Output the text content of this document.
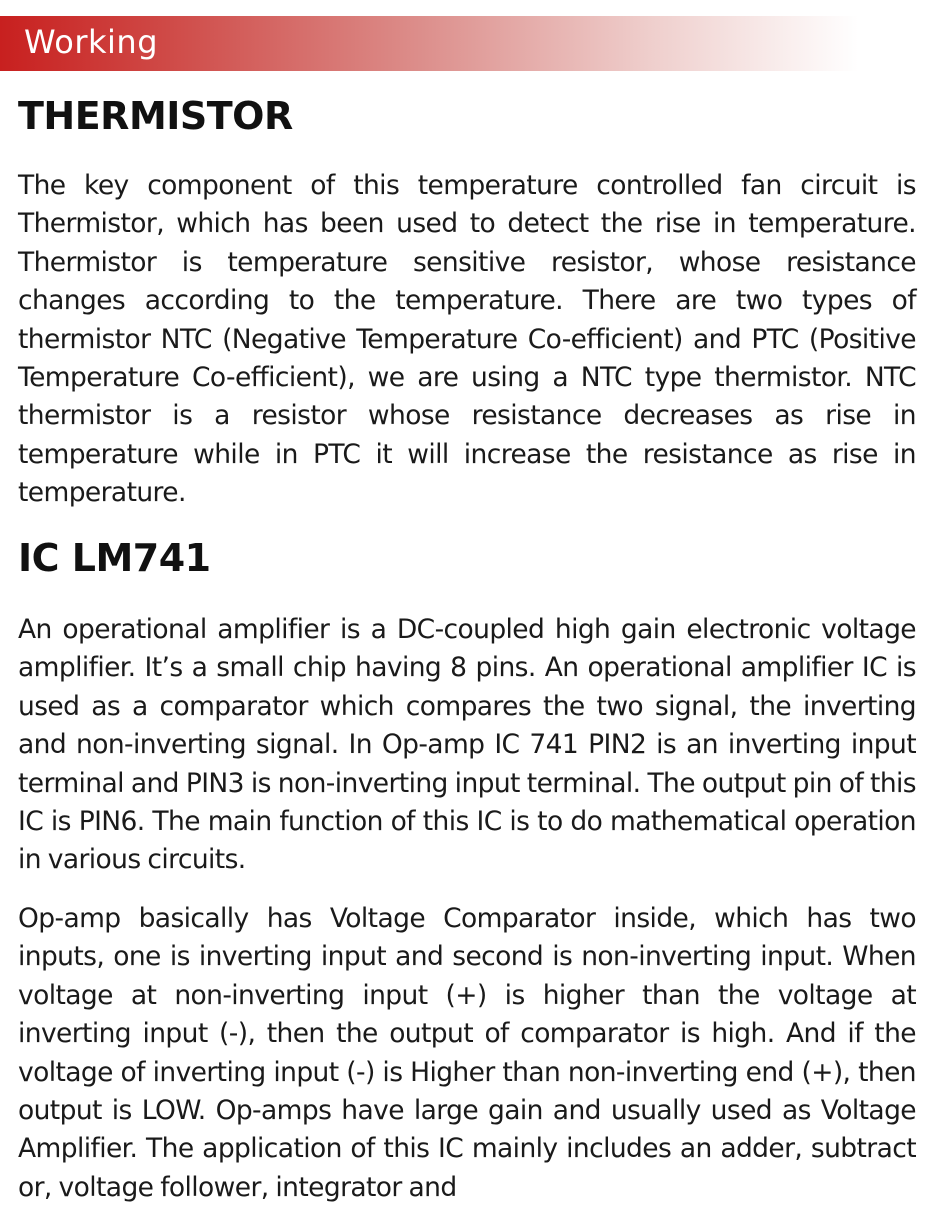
Working
THERMISTOR
The key component of this temperature controlled fan circuit is Thermistor, which has been used to detect the rise in temperature. Thermistor is temperature sensitive resistor, whose resistance changes according to the temperature. There are two types of thermistor NTC (Negative Temperature Co-efficient) and PTC (Positive Temperature Co-efficient), we are using a NTC type thermistor. NTC thermistor is a resistor whose resistance decreases as rise in temperature while in PTC it will increase the resistance as rise in temperature.
IC LM741
An operational amplifier is a DC-coupled high gain electronic voltage amplifier. It’s a small chip having 8 pins. An operational amplifier IC is used as a comparator which compares the two signal, the inverting and non-inverting signal. In Op-amp IC 741 PIN2 is an inverting input terminal and PIN3 is non-inverting input terminal. The output pin of this IC is PIN6. The main function of this IC is to do mathematical operation in various circuits.
Op-amp basically has Voltage Comparator inside, which has two inputs, one is inverting input and second is non-inverting input. When voltage at non-inverting input (+) is higher than the voltage at inverting input (-), then the output of comparator is high. And if the voltage of inverting input (-) is Higher than non-inverting end (+), then output is LOW. Op-amps have large gain and usually used as Voltage Amplifier. The application of this IC mainly includes an adder, subtract or, voltage follower, integrator and
